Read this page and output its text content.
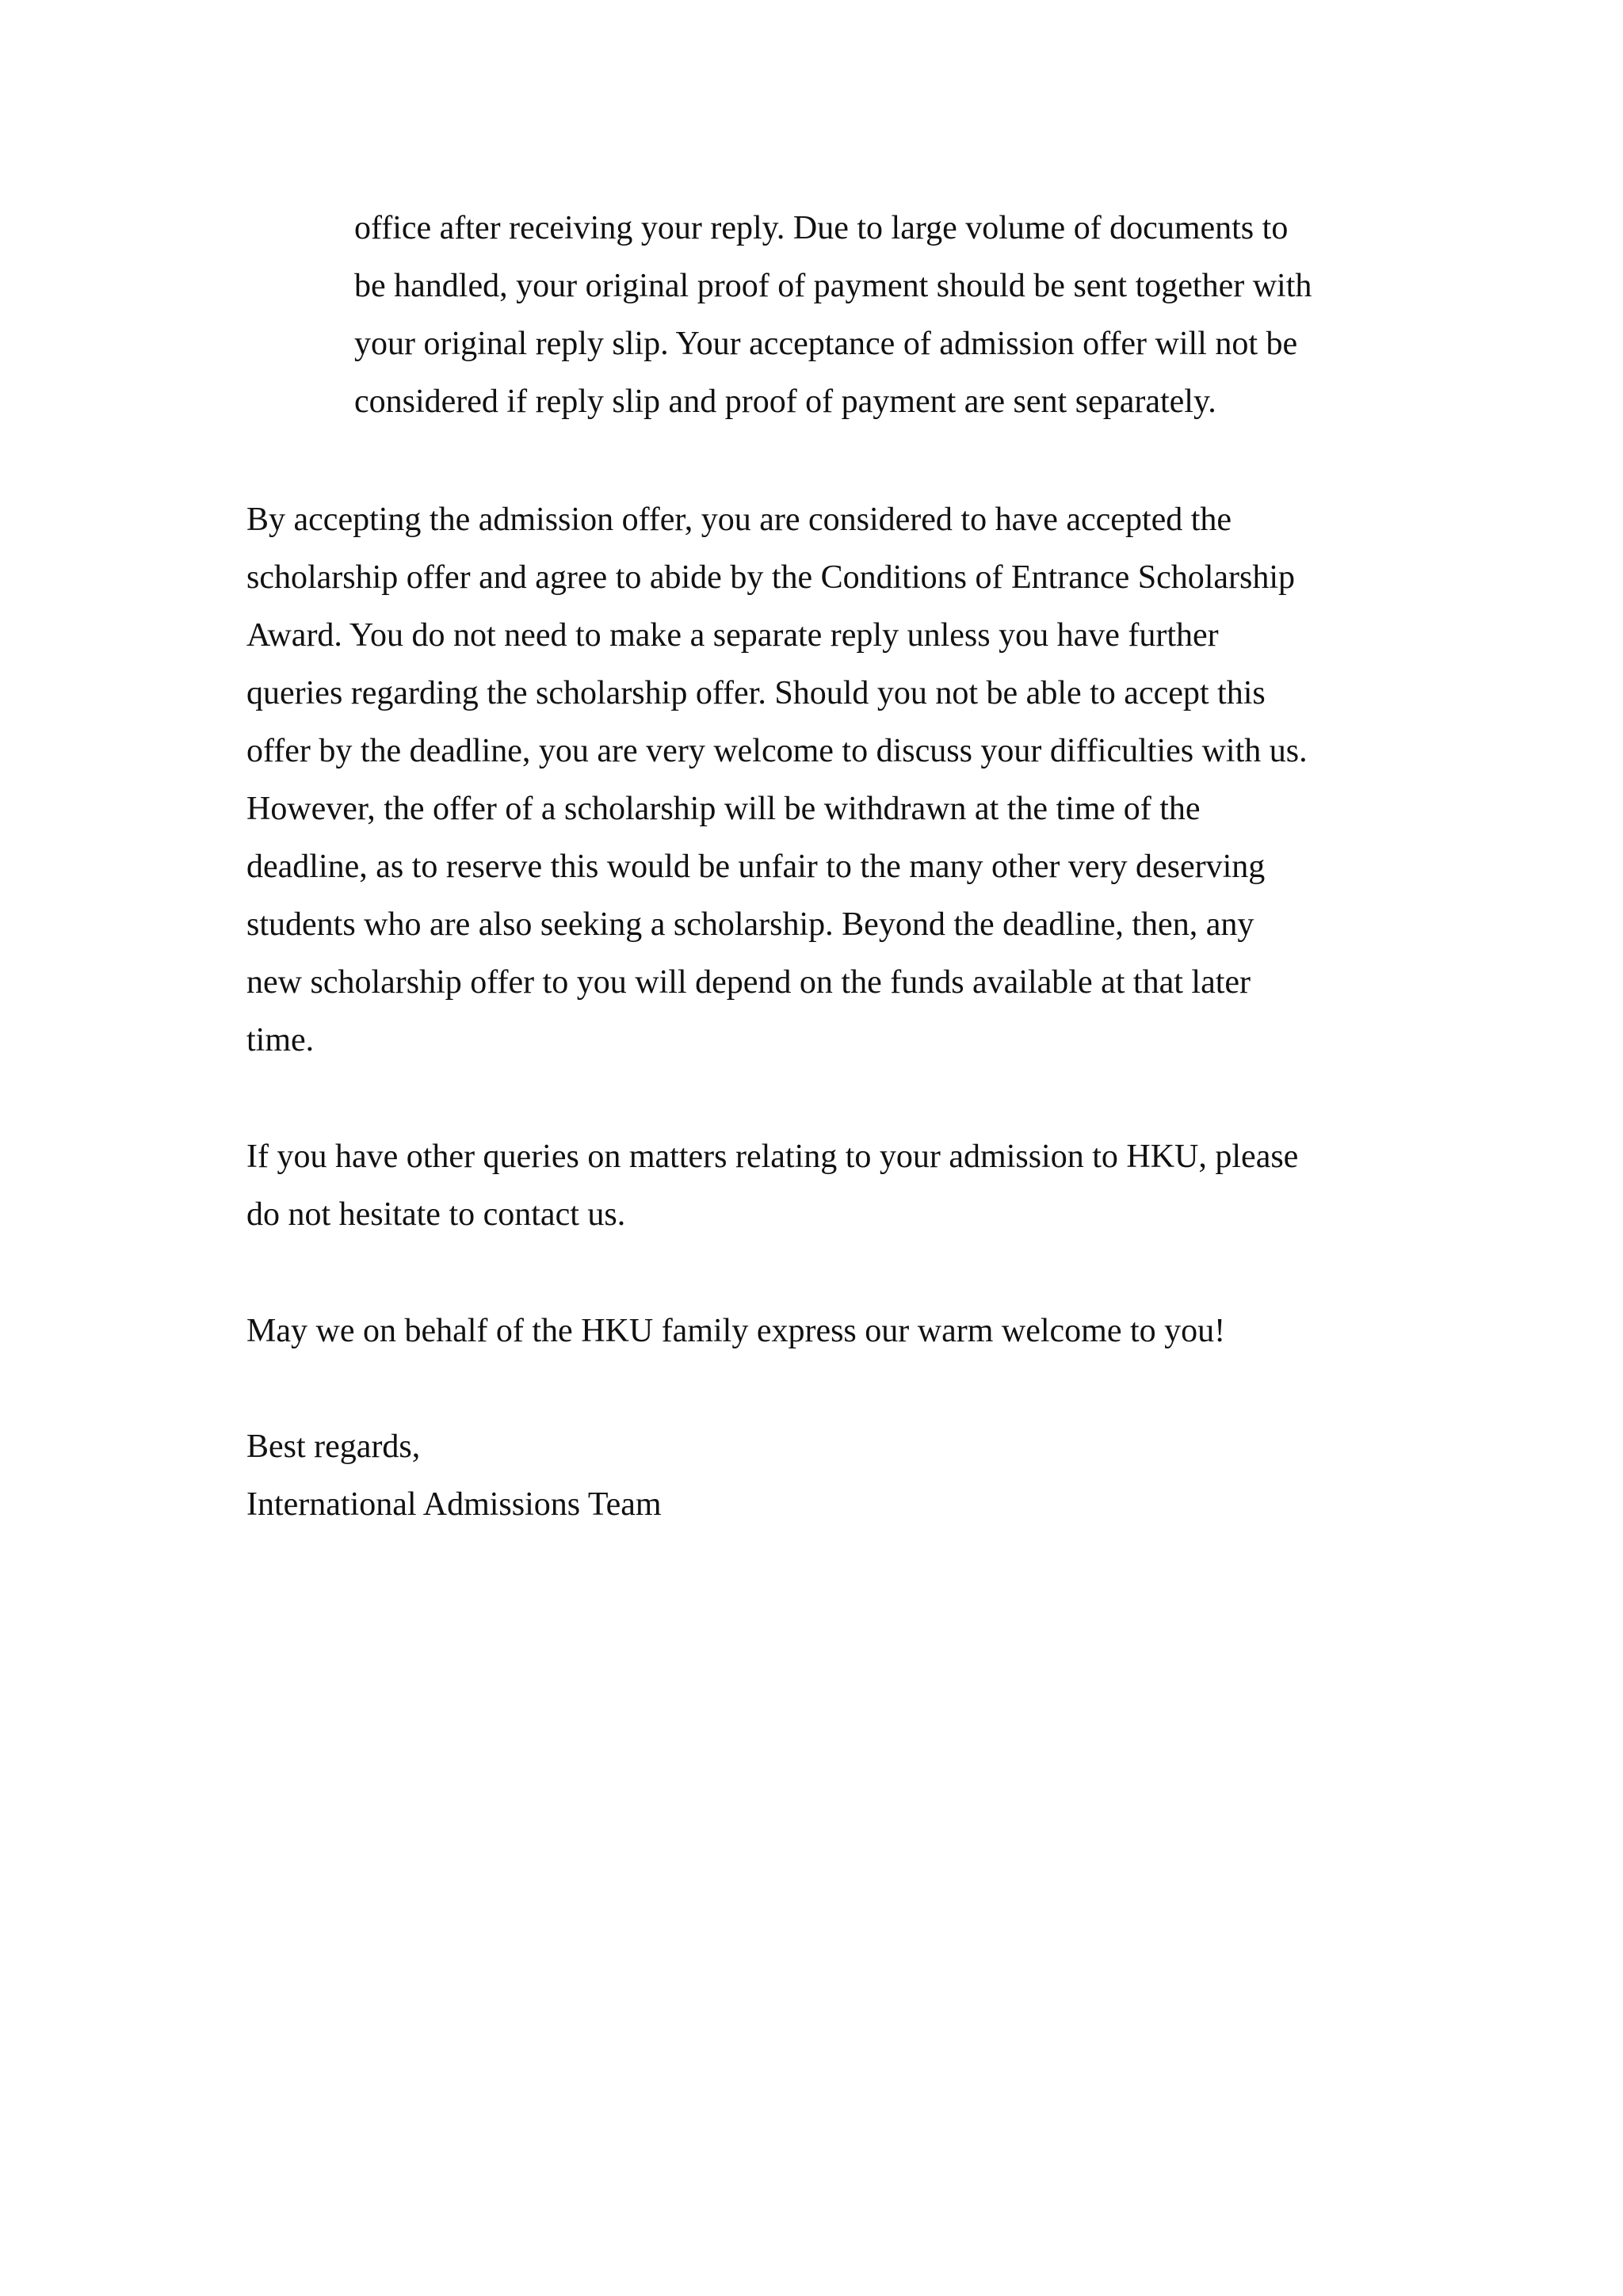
office after receiving your reply. Due to large volume of documents to

be handled, your original proof of payment should be sent together with

your original reply slip. Your acceptance of admission offer will not be

considered if reply slip and proof of payment are sent separately.

By accepting the admission offer, you are considered to have accepted the

scholarship offer and agree to abide by the Conditions of Entrance Scholarship

Award. You do not need to make a separate reply unless you have further

queries regarding the scholarship offer. Should you not be able to accept this

offer by the deadline, you are very welcome to discuss your difficulties with us.

However, the offer of a scholarship will be withdrawn at the time of the

deadline, as to reserve this would be unfair to the many other very deserving

students who are also seeking a scholarship. Beyond the deadline, then, any

new scholarship offer to you will depend on the funds available at that later

time.

If you have other queries on matters relating to your admission to HKU, please

do not hesitate to contact us.

May we on behalf of the HKU family express our warm welcome to you!

Best regards,

International Admissions Team
